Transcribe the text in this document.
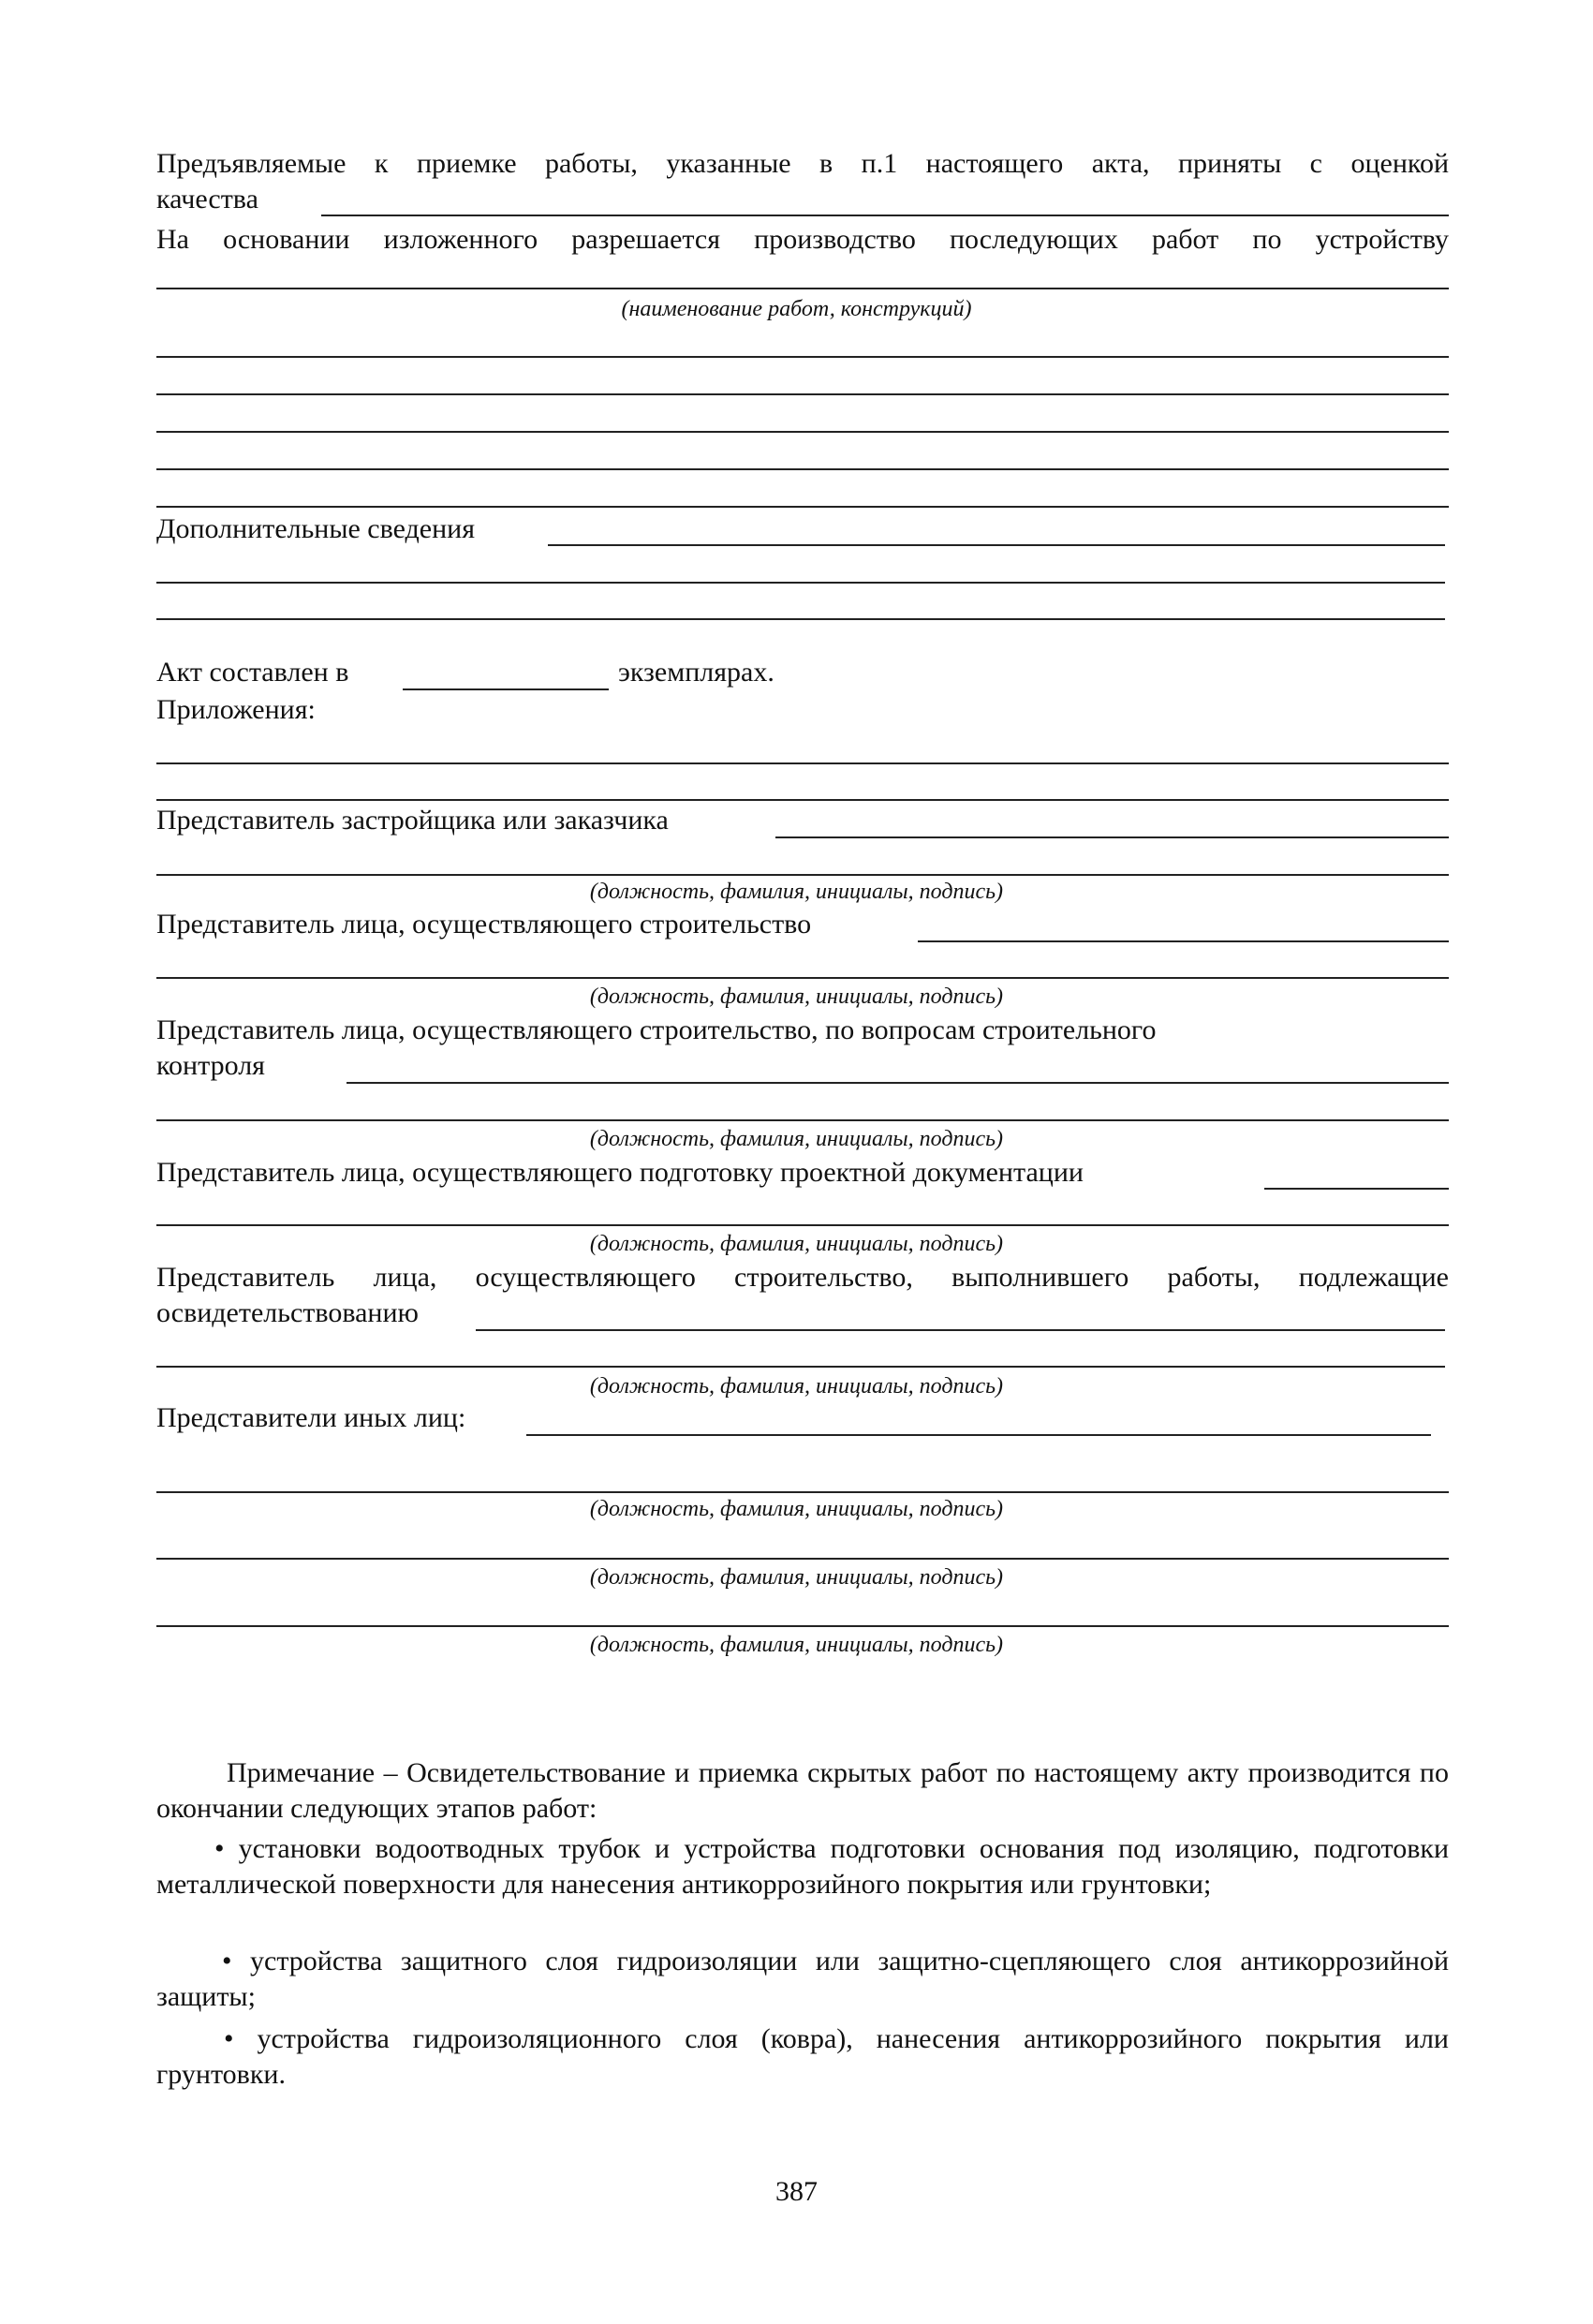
Предъявляемые к приемке работы, указанные в п.1 настоящего акта, приняты с оценкой
качества
На основании изложенного разрешается производство последующих работ по устройству
(наименование работ, конструкций)
Дополнительные сведения
Акт составлен в	экземплярах.
Приложения:
Представитель застройщика или заказчика
(должность, фамилия, инициалы, подпись)
Представитель лица, осуществляющего строительство
(должность, фамилия, инициалы, подпись)
Представитель лица, осуществляющего строительство, по вопросам строительного
контроля
(должность, фамилия, инициалы, подпись)
Представитель лица, осуществляющего подготовку проектной документации
(должность, фамилия, инициалы, подпись)
Представитель лица, осуществляющего строительство, выполнившего работы, подлежащие
освидетельствованию
(должность, фамилия, инициалы, подпись)
Представители иных лиц:
(должность, фамилия, инициалы, подпись)
(должность, фамилия, инициалы, подпись)
(должность, фамилия, инициалы, подпись)
Примечание – Освидетельствование и приемка скрытых работ по настоящему акту производится по окончании следующих этапов работ:
• установки водоотводных трубок и устройства подготовки основания под изоляцию, подготовки металлической поверхности для нанесения антикоррозийного покрытия или грунтовки;
• устройства защитного слоя гидроизоляции или защитно-сцепляющего слоя антикоррозийной защиты;
• устройства гидроизоляционного слоя (ковра), нанесения антикоррозийного покрытия или грунтовки.
387
